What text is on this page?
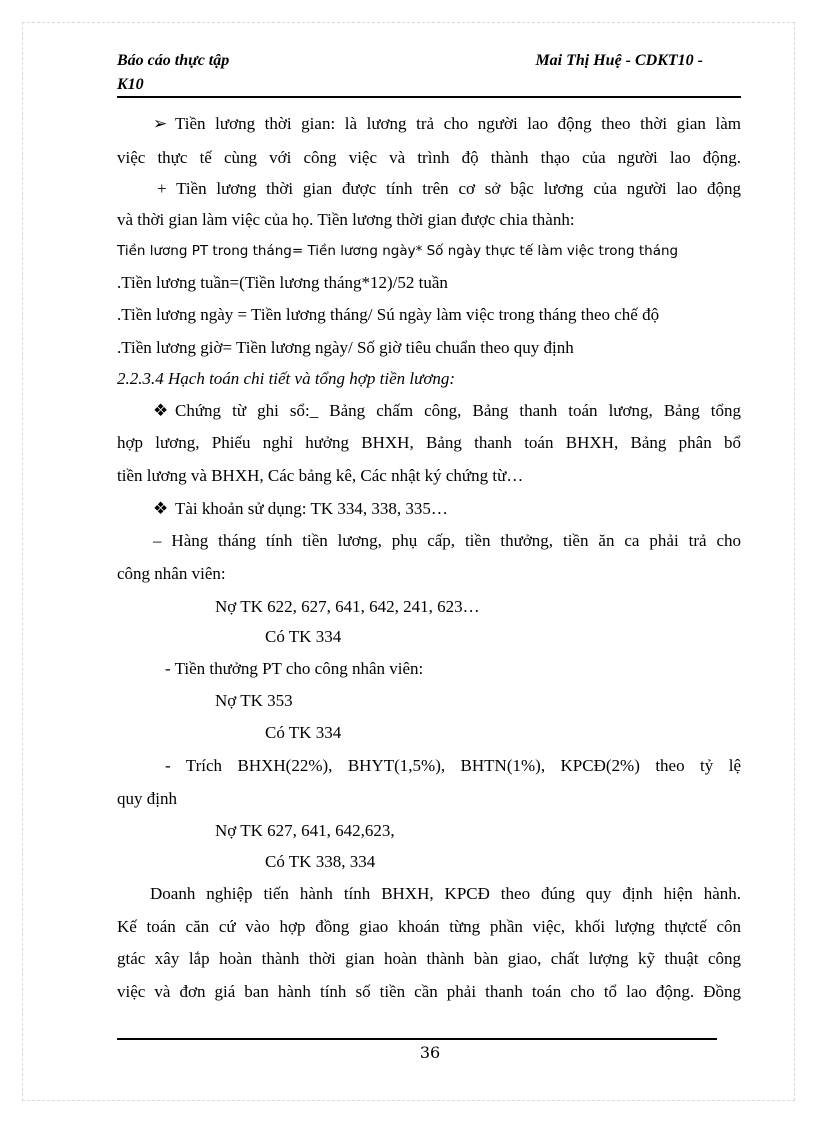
Báo cáo thực tập
K10
Mai Thị Huệ - CDKT10 -
➢ Tiền lương thời gian: là lương trả cho người lao động theo thời gian làm
việc thực tế cùng với công việc và trình độ thành thạo của người lao động.
+ Tiền lương thời gian được tính trên cơ sở bậc lương của người lao động
và thời gian làm việc của họ. Tiền lương thời gian được chia thành:
Tiền lương PT trong tháng= Tiền lương ngày* Số ngày thực tế làm việc trong tháng
.Tiền lương tuần=(Tiền lương tháng*12)/52 tuần
.Tiền lương ngày = Tiền lương tháng/ Sú ngày làm việc trong tháng theo chế độ
.Tiền lương giờ= Tiền lương ngày/ Số giờ tiêu chuẩn theo quy định
2.2.3.4 Hạch toán chi tiết và tổng hợp tiền lương:
❖ Chứng từ ghi sổ:_ Bảng chấm công, Bảng thanh toán lương, Bảng tổng
hợp lương, Phiếu nghỉ hưởng BHXH, Bảng thanh toán BHXH, Bảng phân bổ
tiền lương và BHXH, Các bảng kê, Các nhật ký chứng từ…
❖ Tài khoản sử dụng: TK 334, 338, 335…
– Hàng tháng tính tiền lương, phụ cấp, tiền thưởng, tiền ăn ca phải trả cho
công nhân viên:
Nợ TK 622, 627, 641, 642, 241, 623…
Có TK 334
- Tiền thưởng PT cho công nhân viên:
Nợ TK 353
Có TK 334
- Trích BHXH(22%), BHYT(1,5%), BHTN(1%), KPCĐ(2%) theo tỷ lệ
quy định
Nợ TK 627, 641, 642,623,
Có TK 338, 334
Doanh nghiệp tiến hành tính BHXH, KPCĐ theo đúng quy định hiện hành.
Kế toán căn cứ vào hợp đồng giao khoán từng phần việc, khối lượng thựctế côn
gtác xây lắp hoàn thành thời gian hoàn thành bàn giao, chất lượng kỹ thuật công
việc và đơn giá ban hành tính số tiền cần phải thanh toán cho tổ lao động. Đồng
36
